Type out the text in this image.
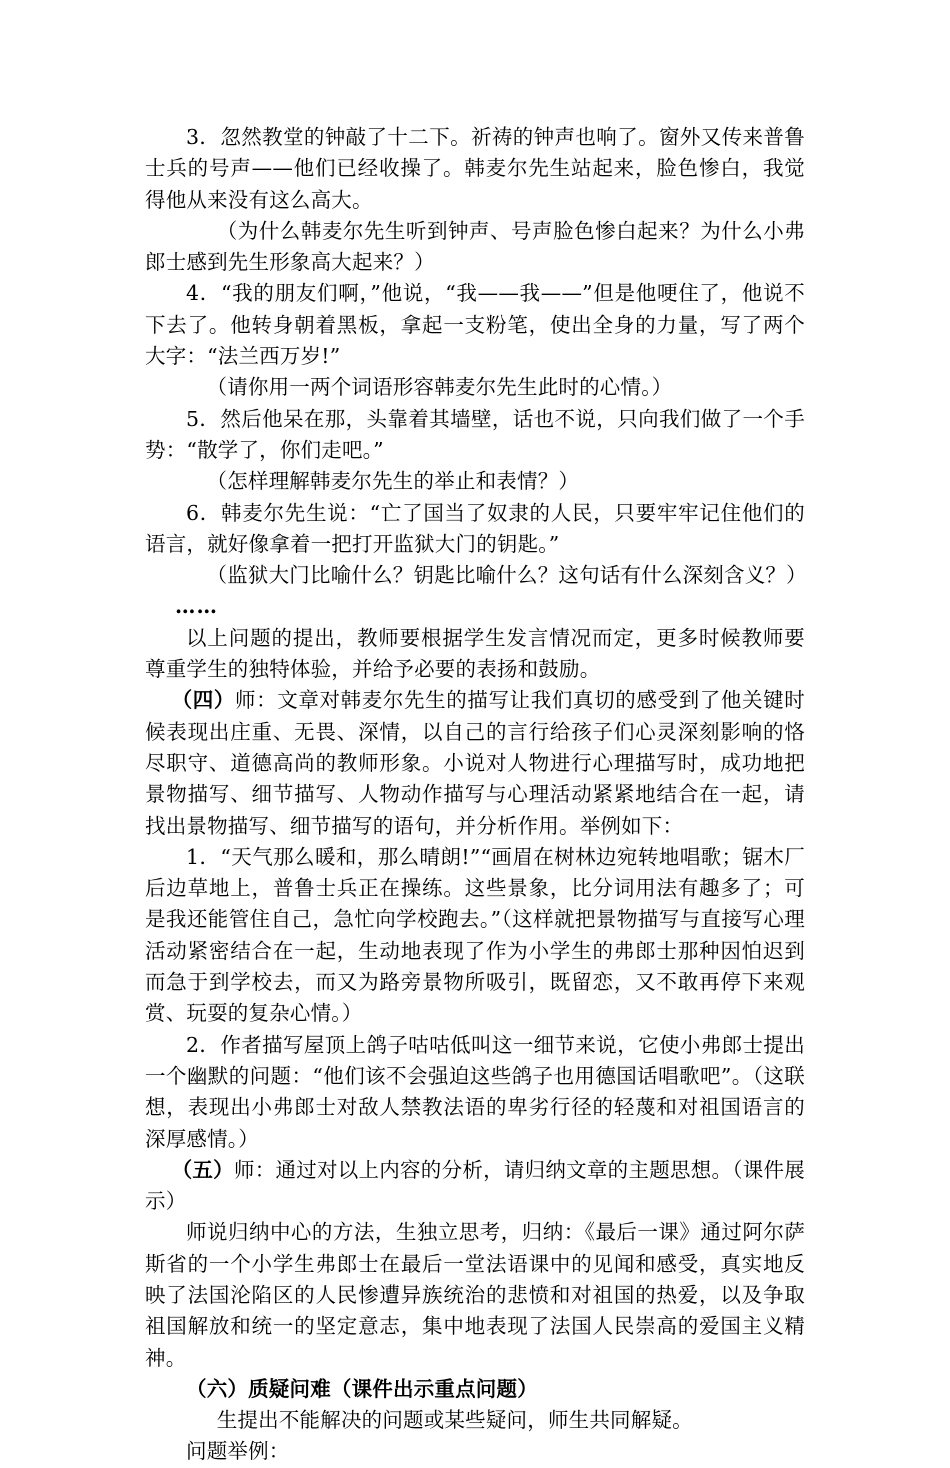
3．忽然教堂的钟敲了十二下。祈祷的钟声也响了。窗外又传来普鲁士兵的号声——他们已经收操了。韩麦尔先生站起来，脸色惨白，我觉得他从来没有这么高大。

（为什么韩麦尔先生听到钟声、号声脸色惨白起来？为什么小弗郎士感到先生形象高大起来？）

4．“我的朋友们啊，”他说，“我——我——”但是他哽住了，他说不下去了。他转身朝着黑板，拿起一支粉笔，使出全身的力量，写了两个大字：“法兰西万岁!”

（请你用一两个词语形容韩麦尔先生此时的心情。）

5．然后他呆在那，头靠着其墙壁，话也不说，只向我们做了一个手势：“散学了，你们走吧。”

（怎样理解韩麦尔先生的举止和表情？）

6．韩麦尔先生说：“亡了国当了奴隶的人民，只要牢牢记住他们的语言，就好像拿着一把打开监狱大门的钥匙。”

（监狱大门比喻什么？钥匙比喻什么？这句话有什么深刻含义？）

……

以上问题的提出，教师要根据学生发言情况而定，更多时候教师要尊重学生的独特体验，并给予必要的表扬和鼓励。

（四）师：文章对韩麦尔先生的描写让我们真切的感受到了他关键时候表现出庄重、无畏、深情，以自己的言行给孩子们心灵深刻影响的恪尽职守、道德高尚的教师形象。小说对人物进行心理描写时，成功地把景物描写、细节描写、人物动作描写与心理活动紧紧地结合在一起，请找出景物描写、细节描写的语句，并分析作用。举例如下：

1．“天气那么暖和，那么晴朗!”“画眉在树林边宛转地唱歌；锯木厂后边草地上，普鲁士兵正在操练。这些景象，比分词用法有趣多了；可是我还能管住自己，急忙向学校跑去。”（这样就把景物描写与直接写心理活动紧密结合在一起，生动地表现了作为小学生的弗郎士那种因怕迟到而急于到学校去，而又为路旁景物所吸引，既留恋，又不敢再停下来观赏、玩耍的复杂心情。）

2．作者描写屋顶上鸽子咕咕低叫这一细节来说，它使小弗郎士提出一个幽默的问题：“他们该不会强迫这些鸽子也用德国话唱歌吧”。（这联想，表现出小弗郎士对敌人禁教法语的卑劣行径的轻蔑和对祖国语言的深厚感情。）

（五）师：通过对以上内容的分析，请归纳文章的主题思想。（课件展示）

师说归纳中心的方法，生独立思考，归纳：《最后一课》通过阿尔萨斯省的一个小学生弗郎士在最后一堂法语课中的见闻和感受，真实地反映了法国沦陷区的人民惨遭异族统治的悲愤和对祖国的热爱，以及争取祖国解放和统一的坚定意志，集中地表现了法国人民崇高的爱国主义精神。

（六）质疑问难（课件出示重点问题）

生提出不能解决的问题或某些疑问，师生共同解疑。

问题举例：
